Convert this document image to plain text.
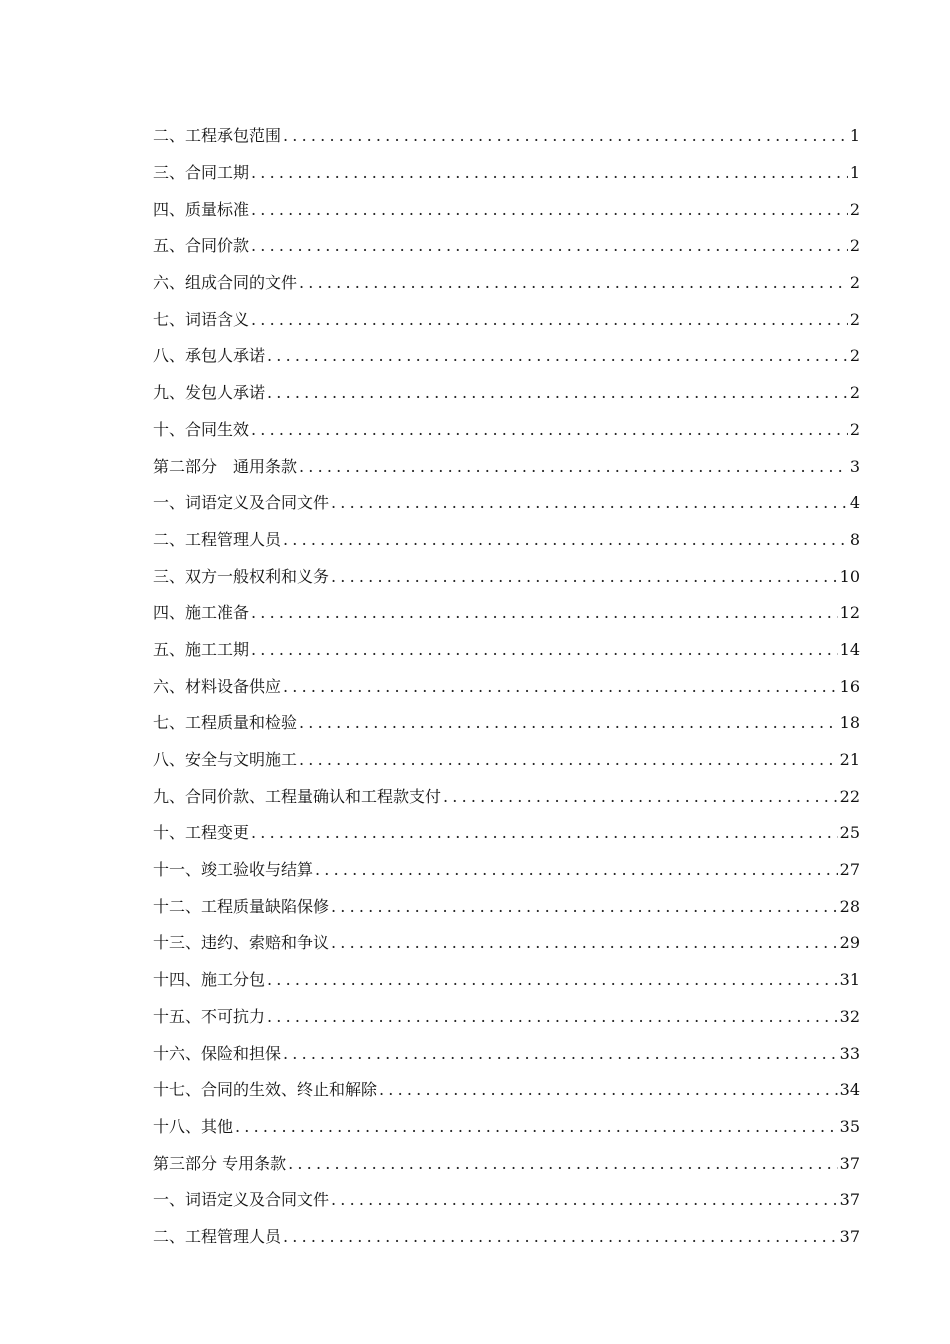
二、工程承包范围 .....	1
三、合同工期 .....	1
四、质量标准 .....	2
五、合同价款 .....	2
六、组成合同的文件 .....	2
七、词语含义 .....	2
八、承包人承诺 .....	2
九、发包人承诺 .....	2
十、合同生效 .....	2
第二部分　通用条款 .....	3
一、词语定义及合同文件 .....	4
二、工程管理人员 .....	8
三、双方一般权利和义务 .....	10
四、施工准备 .....	12
五、施工工期 .....	14
六、材料设备供应 .....	16
七、工程质量和检验 .....	18
八、安全与文明施工 .....	21
九、合同价款、工程量确认和工程款支付 .....	22
十、工程变更 .....	25
十一、竣工验收与结算 .....	27
十二、工程质量缺陷保修 .....	28
十三、违约、索赔和争议 .....	29
十四、施工分包 .....	31
十五、不可抗力 .....	32
十六、保险和担保 .....	33
十七、合同的生效、终止和解除 .....	34
十八、其他 .....	35
第三部分 专用条款 .....	37
一、词语定义及合同文件 .....	37
二、工程管理人员 .....	37
